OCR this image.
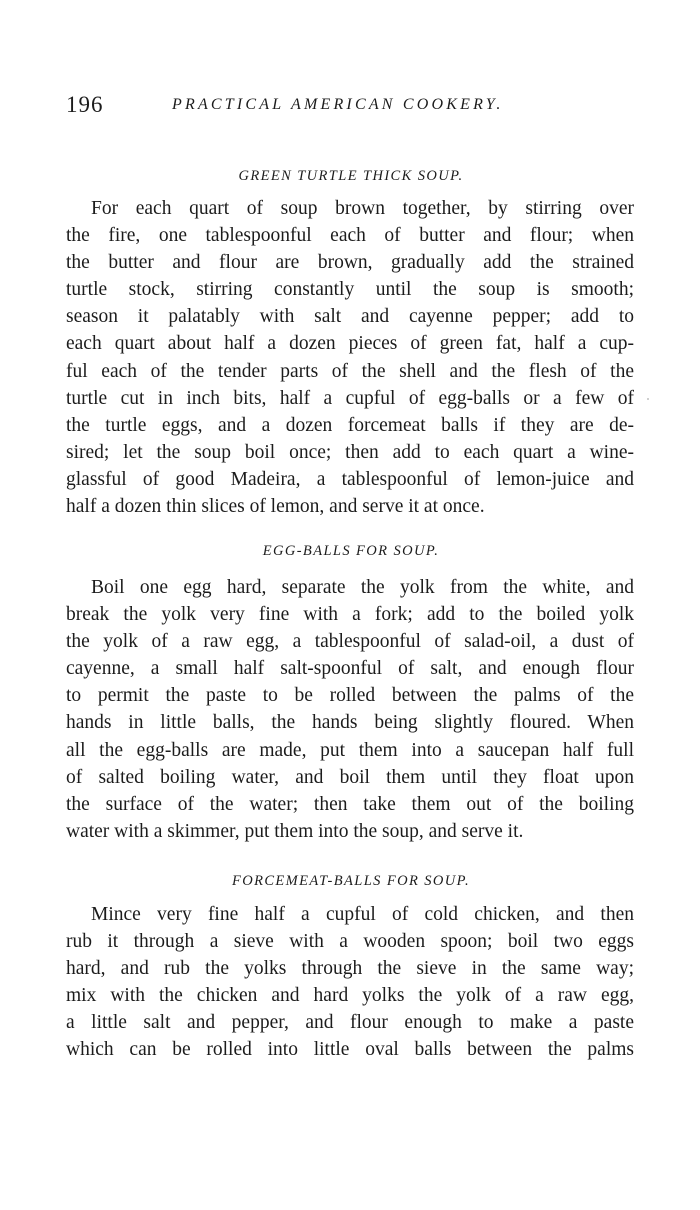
196	PRACTICAL AMERICAN COOKERY.
GREEN TURTLE THICK SOUP.
For each quart of soup brown together, by stirring over
the fire, one tablespoonful each of butter and flour; when
the butter and flour are brown, gradually add the strained
turtle stock, stirring constantly until the soup is smooth;
season it palatably with salt and cayenne pepper; add to
each quart about half a dozen pieces of green fat, half a cup-
ful each of the tender parts of the shell and the flesh of the
turtle cut in inch bits, half a cupful of egg-balls or a few of
the turtle eggs, and a dozen forcemeat balls if they are de-
sired; let the soup boil once; then add to each quart a wine-
glassful of good Madeira, a tablespoonful of lemon-juice and
half a dozen thin slices of lemon, and serve it at once.
EGG-BALLS FOR SOUP.
Boil one egg hard, separate the yolk from the white, and
break the yolk very fine with a fork; add to the boiled yolk
the yolk of a raw egg, a tablespoonful of salad-oil, a dust of
cayenne, a small half salt-spoonful of salt, and enough flour
to permit the paste to be rolled between the palms of the
hands in little balls, the hands being slightly floured. When
all the egg-balls are made, put them into a saucepan half full
of salted boiling water, and boil them until they float upon
the surface of the water; then take them out of the boiling
water with a skimmer, put them into the soup, and serve it.
FORCEMEAT-BALLS FOR SOUP.
Mince very fine half a cupful of cold chicken, and then
rub it through a sieve with a wooden spoon; boil two eggs
hard, and rub the yolks through the sieve in the same way;
mix with the chicken and hard yolks the yolk of a raw egg,
a little salt and pepper, and flour enough to make a paste
which can be rolled into little oval balls between the palms
